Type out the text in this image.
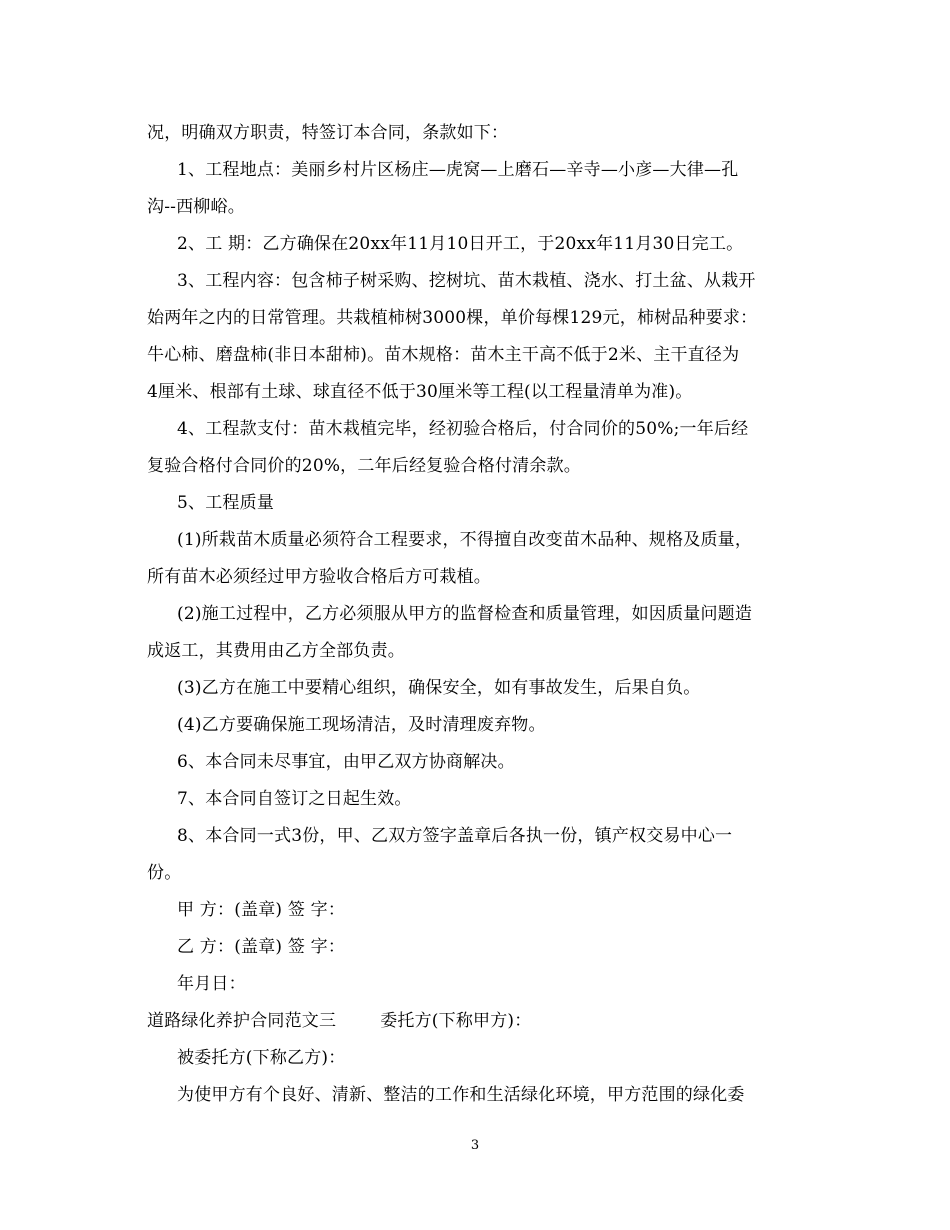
况，明确双方职责，特签订本合同，条款如下：

1、工程地点：美丽乡村片区杨庄—虎窝—上磨石—辛寺—小彦—大律—孔

沟--西柳峪。

2、工 期：乙方确保在20xx年11月10日开工，于20xx年11月30日完工。

3、工程内容：包含柿子树采购、挖树坑、苗木栽植、浇水、打土盆、从栽开

始两年之内的日常管理。共栽植柿树3000棵，单价每棵129元，柿树品种要求：

牛心柿、磨盘柿(非日本甜柿)。苗木规格：苗木主干高不低于2米、主干直径为

4厘米、根部有土球、球直径不低于30厘米等工程(以工程量清单为准)。

4、工程款支付：苗木栽植完毕，经初验合格后，付合同价的50%;一年后经

复验合格付合同价的20%，二年后经复验合格付清余款。

5、工程质量

(1)所栽苗木质量必须符合工程要求，不得擅自改变苗木品种、规格及质量，

所有苗木必须经过甲方验收合格后方可栽植。

(2)施工过程中，乙方必须服从甲方的监督检查和质量管理，如因质量问题造

成返工，其费用由乙方全部负责。

(3)乙方在施工中要精心组织，确保安全，如有事故发生，后果自负。

(4)乙方要确保施工现场清洁，及时清理废弃物。

6、本合同未尽事宜，由甲乙双方协商解决。

7、本合同自签订之日起生效。

8、本合同一式3份，甲、乙双方签字盖章后各执一份，镇产权交易中心一

份。

甲 方：(盖章) 签 字：

乙 方：(盖章) 签 字：

年月日：

道路绿化养护合同范文三	委托方(下称甲方)：

被委托方(下称乙方)：

为使甲方有个良好、清新、整洁的工作和生活绿化环境，甲方范围的绿化委

3
